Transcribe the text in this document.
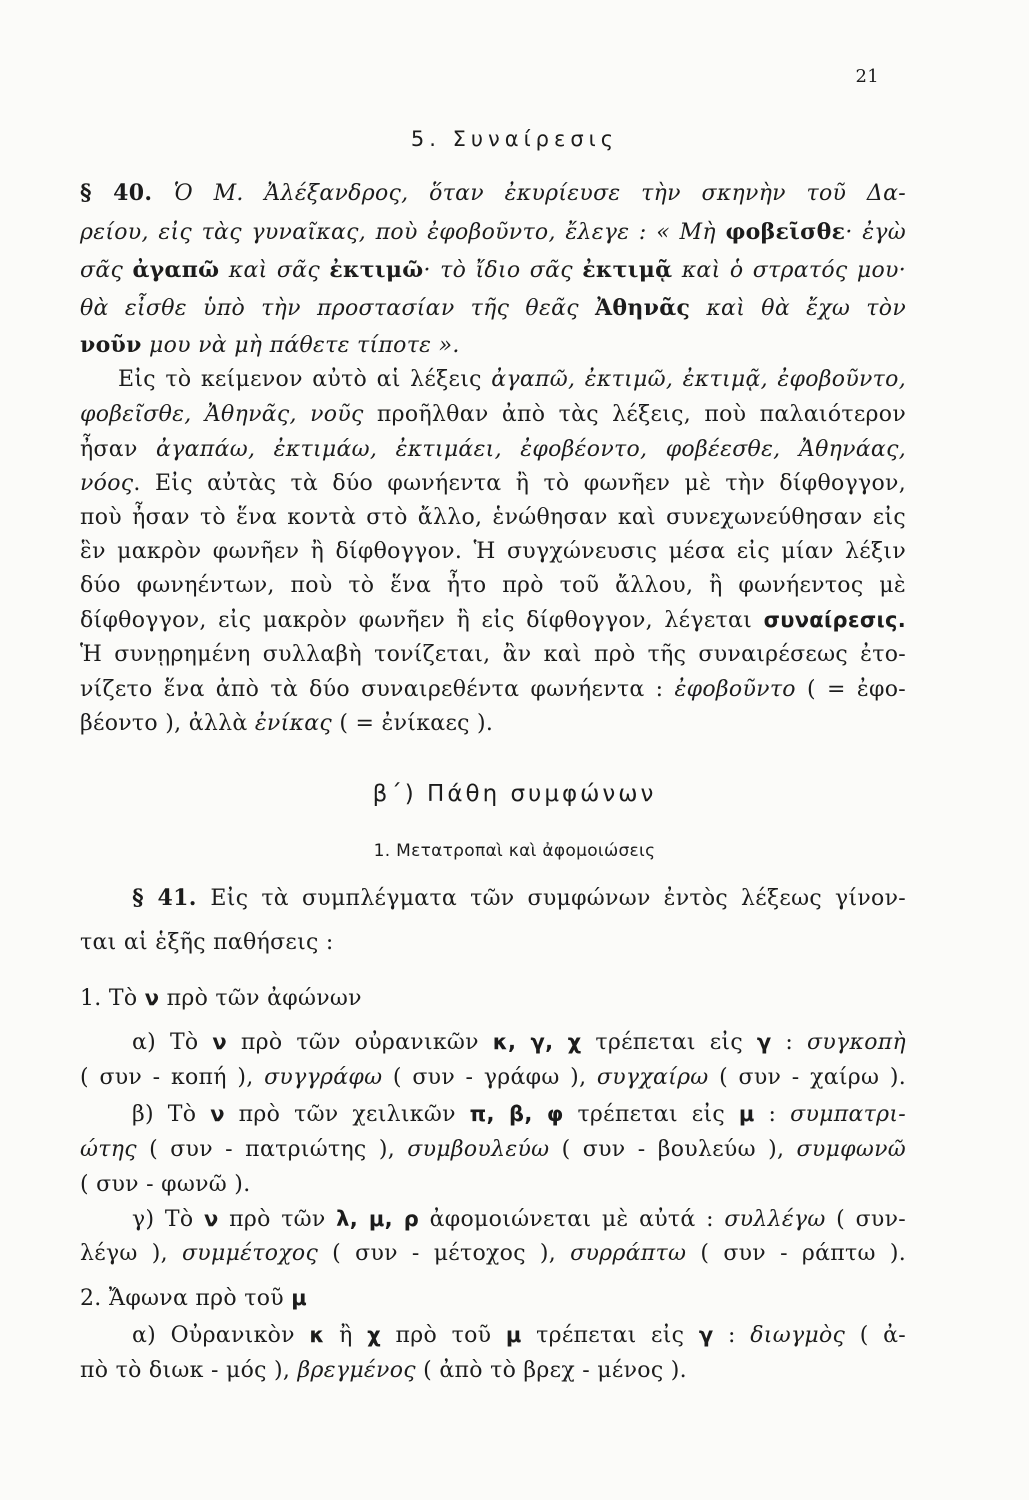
21
5. Συναίρεσις
§ 40. Ὁ Μ. Ἀλέξανδρος, ὅταν ἐκυρίευσε τὴν σκηνὴν τοῦ Δα-
ρείου, εἰς τὰς γυναῖκας, ποὺ ἐφοβοῦντο, ἔλεγε : « Μὴ φοβεῖσθε· ἐγὼ
σᾶς ἀγαπῶ καὶ σᾶς ἐκτιμῶ· τὸ ἴδιο σᾶς ἐκτιμᾷ καὶ ὁ στρατός μου·
θὰ εἶσθε ὑπὸ τὴν προστασίαν τῆς θεᾶς Ἀθηνᾶς καὶ θὰ ἔχω τὸν
νοῦν μου νὰ μὴ πάθετε τίποτε ».
Εἰς τὸ κείμενον αὐτὸ αἱ λέξεις ἀγαπῶ, ἐκτιμῶ, ἐκτιμᾷ, ἐφοβοῦντο,
φοβεῖσθε, Ἀθηνᾶς, νοῦς προῆλθαν ἀπὸ τὰς λέξεις, ποὺ παλαιότερον
ἦσαν ἀγαπάω, ἐκτιμάω, ἐκτιμάει, ἐφοβέοντο, φοβέεσθε, Ἀθηνάας,
νόος. Εἰς αὐτὰς τὰ δύο φωνήεντα ἢ τὸ φωνῆεν μὲ τὴν δίφθογγον,
ποὺ ἦσαν τὸ ἕνα κοντὰ στὸ ἄλλο, ἑνώθησαν καὶ συνεχωνεύθησαν εἰς
ἓν μακρὸν φωνῆεν ἢ δίφθογγον. Ἡ συγχώνευσις μέσα εἰς μίαν λέξιν
δύο φωνηέντων, ποὺ τὸ ἕνα ἦτο πρὸ τοῦ ἄλλου, ἢ φωνήεντος μὲ
δίφθογγον, εἰς μακρὸν φωνῆεν ἢ εἰς δίφθογγον, λέγεται συναίρεσις.
Ἡ συνῃρημένη συλλαβὴ τονίζεται, ἂν καὶ πρὸ τῆς συναιρέσεως ἐτο-
νίζετο ἕνα ἀπὸ τὰ δύο συναιρεθέντα φωνήεντα : ἐφοβοῦντο ( = ἐφο-
βέοντο ), ἀλλὰ ἐνίκας ( = ἐνίκαες ).
β΄) Πάθη συμφώνων
1. Μετατροπαὶ καὶ ἀφομοιώσεις
§ 41. Εἰς τὰ συμπλέγματα τῶν συμφώνων ἐντὸς λέξεως γίνον-
ται αἱ ἑξῆς παθήσεις :
1. Τὸ ν πρὸ τῶν ἀφώνων
α) Τὸ ν πρὸ τῶν οὐρανικῶν κ, γ, χ τρέπεται εἰς γ : συγκοπὴ
( συν - κοπή ), συγγράφω ( συν - γράφω ), συγχαίρω ( συν - χαίρω ).
β) Τὸ ν πρὸ τῶν χειλικῶν π, β, φ τρέπεται εἰς μ : συμπατρι-
ώτης ( συν - πατριώτης ), συμβουλεύω ( συν - βουλεύω ), συμφωνῶ
( συν - φωνῶ ).
γ) Τὸ ν πρὸ τῶν λ, μ, ρ ἀφομοιώνεται μὲ αὐτά : συλλέγω ( συν-
λέγω ), συμμέτοχος ( συν - μέτοχος ), συρράπτω ( συν - ράπτω ).
2. Ἄφωνα πρὸ τοῦ μ
α) Οὐρανικὸν κ ἢ χ πρὸ τοῦ μ τρέπεται εἰς γ : διωγμὸς ( ἀ-
πὸ τὸ διωκ - μός ), βρεγμένος ( ἀπὸ τὸ βρεχ - μένος ).
